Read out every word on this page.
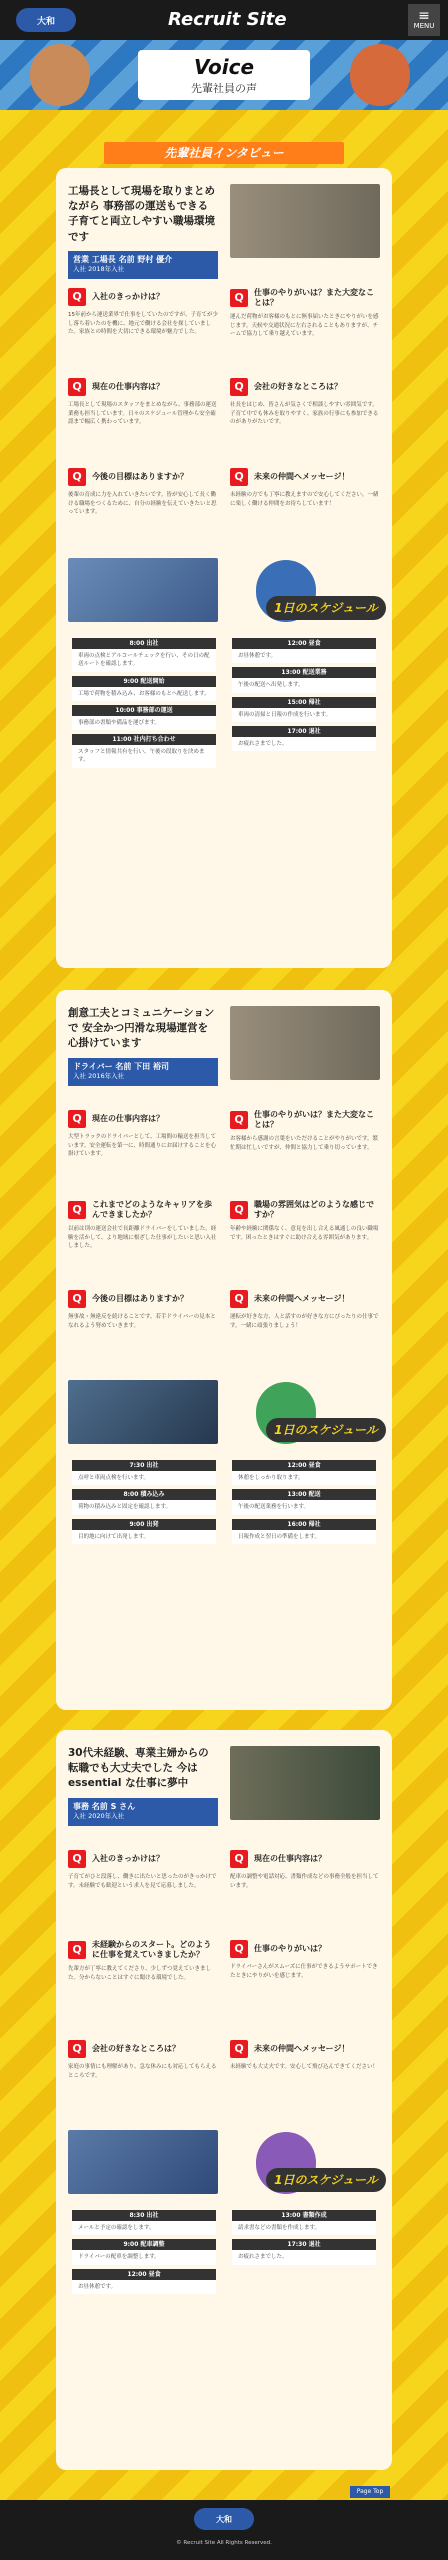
大和	Recruit Site	≡
MENU
Voice
先輩社員の声
先輩社員インタビュー
工場長として現場を取りまとめながら 事務部の運送もできる 子育てと両立しやすい職場環境です
営業 工場長 名前 野村 優介
入社 2018年入社
Q	入社のきっかけは？
15年前から運送業界で仕事をしていたのですが、子育てが少し落ち着いたのを機に、地元で働ける会社を探していました。家族との時間を大切にできる環境が魅力でした。
Q	現在の仕事内容は？
工場長として現場のスタッフをまとめながら、事務部の運送業務も担当しています。日々のスケジュール管理から安全確認まで幅広く携わっています。
Q	今後の目標はありますか？
後輩の育成に力を入れていきたいです。皆が安心して長く働ける職場をつくるために、自分の経験を伝えていきたいと思っています。
Q	仕事のやりがいは？また大変なことは？
運んだ荷物がお客様のもとに無事届いたときにやりがいを感じます。天候や交通状況に左右されることもありますが、チームで協力して乗り越えています。
Q	会社の好きなところは？
社長をはじめ、皆さんが気さくで相談しやすい雰囲気です。子育て中でも休みを取りやすく、家族の行事にも参加できるのがありがたいです。
Q	未来の仲間へメッセージ！
未経験の方でも丁寧に教えますので安心してください。一緒に楽しく働ける仲間をお待ちしています！
1日のスケジュール
8:00 出社
車両の点検とアルコールチェックを行い、その日の配送ルートを確認します。
9:00 配送開始
工場で荷物を積み込み、お客様のもとへ配送します。
10:00 事務部の運送
事務部の書類や備品を運びます。
11:00 社内打ち合わせ
スタッフと情報共有を行い、午後の段取りを決めます。
12:00 昼食
お昼休憩です。
13:00 配送業務
午後の配送へ出発します。
15:00 帰社
車両の清掃と日報の作成を行います。
17:00 退社
お疲れさまでした。
創意工夫とコミュニケーションで 安全かつ円滑な現場運営を 心掛けています
ドライバー 名前 下田 裕司
入社 2016年入社
Q	現在の仕事内容は？
大型トラックのドライバーとして、工場間の輸送を担当しています。安全運転を第一に、時間通りにお届けすることを心掛けています。
Q	これまでどのようなキャリアを歩んできましたか？
以前は別の運送会社で長距離ドライバーをしていました。経験を活かして、より地域に根ざした仕事がしたいと思い入社しました。
Q	今後の目標はありますか？
無事故・無違反を続けることです。若手ドライバーの見本となれるよう努めていきます。
Q	仕事のやりがいは？また大変なことは？
お客様から感謝の言葉をいただけることがやりがいです。繁忙期は忙しいですが、仲間と協力して乗り切っています。
Q	職場の雰囲気はどのような感じですか？
年齢や経験に関係なく、意見を出し合える風通しの良い職場です。困ったときはすぐに助け合える雰囲気があります。
Q	未来の仲間へメッセージ！
運転が好きな方、人と話すのが好きな方にぴったりの仕事です。一緒に頑張りましょう！
1日のスケジュール
7:30 出社
点呼と車両点検を行います。
8:00 積み込み
荷物の積み込みと固定を確認します。
9:00 出発
目的地に向けて出発します。
12:00 昼食
休憩をしっかり取ります。
13:00 配送
午後の配送業務を行います。
16:00 帰社
日報作成と翌日の準備をします。
30代未経験、専業主婦からの 転職でも大丈夫でした 今は essential な仕事に夢中
事務 名前 S さん
入社 2020年入社
Q	入社のきっかけは？
子育てがひと段落し、働きに出たいと思ったのがきっかけです。未経験でも歓迎という求人を見て応募しました。
Q	未経験からのスタート。どのように仕事を覚えていきましたか？
先輩方が丁寧に教えてくださり、少しずつ覚えていきました。分からないことはすぐに聞ける環境でした。
Q	会社の好きなところは？
家庭の事情にも理解があり、急な休みにも対応してもらえるところです。
Q	現在の仕事内容は？
配車の調整や電話対応、書類作成などの事務全般を担当しています。
Q	仕事のやりがいは？
ドライバーさんがスムーズに仕事ができるようサポートできたときにやりがいを感じます。
Q	未来の仲間へメッセージ！
未経験でも大丈夫です。安心して飛び込んできてください！
1日のスケジュール
8:30 出社
メールと予定の確認をします。
9:00 配車調整
ドライバーの配車を調整します。
12:00 昼食
お昼休憩です。
13:00 書類作成
請求書などの書類を作成します。
17:30 退社
お疲れさまでした。
Page Top
大和
© Recruit Site All Rights Reserved.
